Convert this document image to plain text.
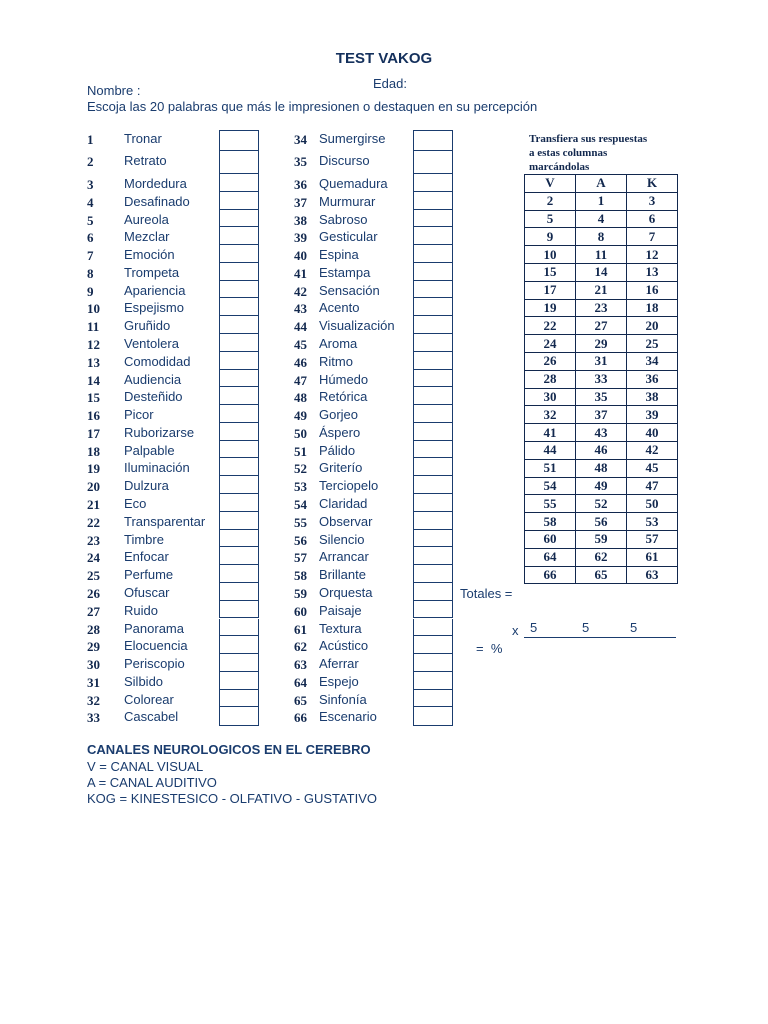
TEST VAKOG
Edad:
Nombre :
Escoja las 20 palabras que más le impresionen o destaquen en su percepción
1 Tronar
2 Retrato
3 Mordedura
4 Desafinado
5 Aureola
6 Mezclar
7 Emoción
8 Trompeta
9 Apariencia
10 Espejismo
11 Gruñido
12 Ventolera
13 Comodidad
14 Audiencia
15 Desteñido
16 Picor
17 Ruborizarse
18 Palpable
19 Iluminación
20 Dulzura
21 Eco
22 Transparentar
23 Timbre
24 Enfocar
25 Perfume
26 Ofuscar
27 Ruido
28 Panorama
29 Elocuencia
30 Periscopio
31 Silbido
32 Colorear
33 Cascabel
34 Sumergirse
35 Discurso
36 Quemadura
37 Murmurar
38 Sabroso
39 Gesticular
40 Espina
41 Estampa
42 Sensación
43 Acento
44 Visualización
45 Aroma
46 Ritmo
47 Húmedo
48 Retórica
49 Gorjeo
50 Áspero
51 Pálido
52 Griterío
53 Terciopelo
54 Claridad
55 Observar
56 Silencio
57 Arrancar
58 Brillante
59 Orquesta
60 Paisaje
61 Textura
62 Acústico
63 Aferrar
64 Espejo
65 Sinfonía
66 Escenario
Transfiera sus respuestas
a estas columnas
marcándolas
V	A	K
2	1	3
5	4	6
9	8	7
10	11	12
15	14	13
17	21	16
19	23	18
22	27	20
24	29	25
26	31	34
28	33	36
30	35	38
32	37	39
41	43	40
44	46	42
51	48	45
54	49	47
55	52	50
58	56	53
60	59	57
64	62	61
66	65	63
Totales =
x 5	5	5
=  %
CANALES NEUROLOGICOS EN EL CEREBRO
V = CANAL VISUAL
A = CANAL AUDITIVO
KOG = KINESTESICO - OLFATIVO - GUSTATIVO
